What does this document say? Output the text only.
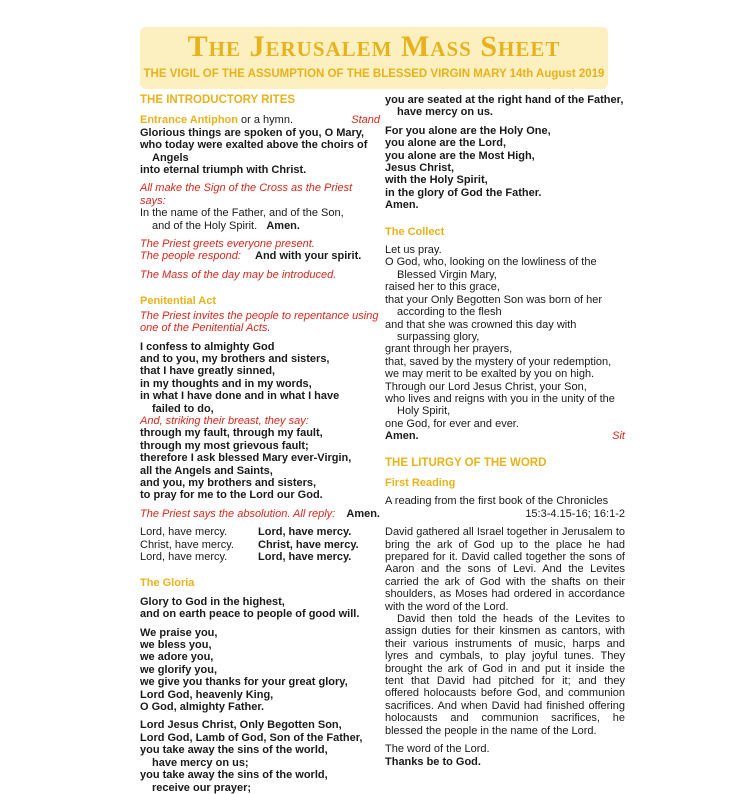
The Jerusalem Mass Sheet
THE VIGIL OF THE ASSUMPTION OF THE BLESSED VIRGIN MARY 14th August 2019
THE INTRODUCTORY RITES
Entrance Antiphon or a hymn.	Stand
Glorious things are spoken of you, O Mary,
who today were exalted above the choirs of
Angels
into eternal triumph with Christ.
All make the Sign of the Cross as the Priest says:
In the name of the Father, and of the Son,
and of the Holy Spirit. Amen.
The Priest greets everyone present.
The people respond:	And with your spirit.
The Mass of the day may be introduced.
Penitential Act
The Priest invites the people to repentance using
one of the Penitential Acts.
I confess to almighty God
and to you, my brothers and sisters,
that I have greatly sinned,
in my thoughts and in my words,
in what I have done and in what I have
failed to do,
And, striking their breast, they say:
through my fault, through my fault,
through my most grievous fault;
therefore I ask blessed Mary ever-Virgin,
all the Angels and Saints,
and you, my brothers and sisters,
to pray for me to the Lord our God.
The Priest says the absolution. All reply: Amen.
Lord, have mercy.	Lord, have mercy.
Christ, have mercy.	Christ, have mercy.
Lord, have mercy.	Lord, have mercy.
The Gloria
Glory to God in the highest,
and on earth peace to people of good will.
We praise you,
we bless you,
we adore you,
we glorify you,
we give you thanks for your great glory,
Lord God, heavenly King,
O God, almighty Father.
Lord Jesus Christ, Only Begotten Son,
Lord God, Lamb of God, Son of the Father,
you take away the sins of the world,
have mercy on us;
you take away the sins of the world,
receive our prayer;
you are seated at the right hand of the Father,
have mercy on us.
For you alone are the Holy One,
you alone are the Lord,
you alone are the Most High,
Jesus Christ,
with the Holy Spirit,
in the glory of God the Father.
Amen.
The Collect
Let us pray.
O God, who, looking on the lowliness of the
Blessed Virgin Mary,
raised her to this grace,
that your Only Begotten Son was born of her
according to the flesh
and that she was crowned this day with
surpassing glory,
grant through her prayers,
that, saved by the mystery of your redemption,
we may merit to be exalted by you on high.
Through our Lord Jesus Christ, your Son,
who lives and reigns with you in the unity of the
Holy Spirit,
one God, for ever and ever.
Amen.	Sit
THE LITURGY OF THE WORD
First Reading
A reading from the first book of the Chronicles
15:3-4.15-16; 16:1-2
David gathered all Israel together in Jerusalem to bring the ark of God up to the place he had prepared for it. David called together the sons of Aaron and the sons of Levi. And the Levites carried the ark of God with the shafts on their shoulders, as Moses had ordered in accordance with the word of the Lord.
David then told the heads of the Levites to assign duties for their kinsmen as cantors, with their various instruments of music, harps and lyres and cymbals, to play joyful tunes. They brought the ark of God in and put it inside the tent that David had pitched for it; and they offered holocausts before God, and communion sacrifices. And when David had finished offering holocausts and communion sacrifices, he blessed the people in the name of the Lord.
The word of the Lord.
Thanks be to God.
